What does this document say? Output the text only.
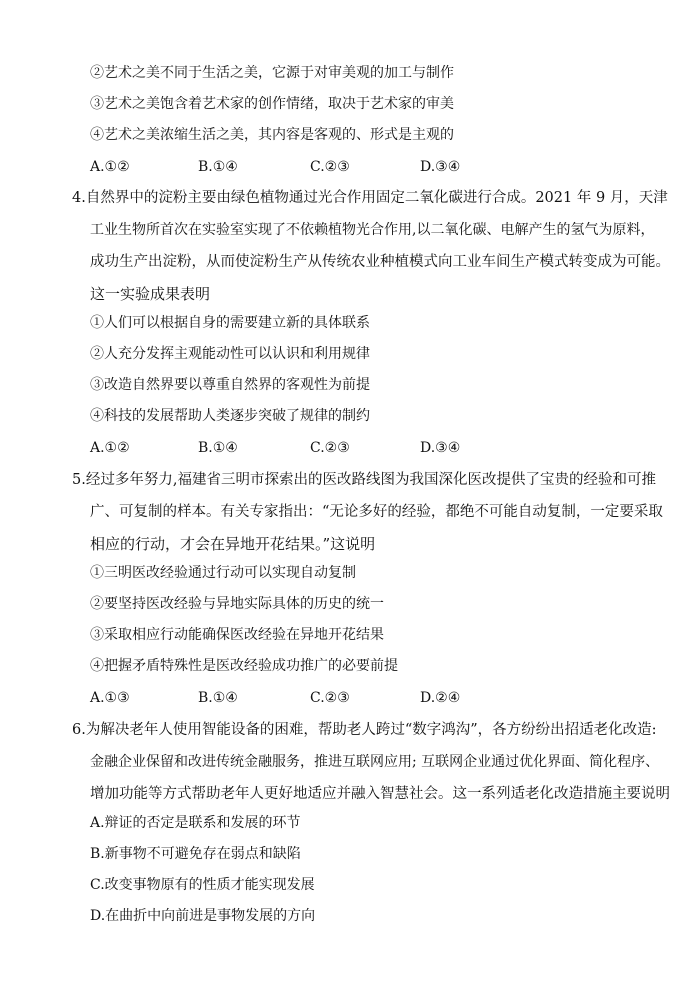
②艺术之美不同于生活之美，它源于对审美观的加工与制作
③艺术之美饱含着艺术家的创作情绪，取决于艺术家的审美
④艺术之美浓缩生活之美，其内容是客观的、形式是主观的
A.①②	B.①④	C.②③	D.③④
4.自然界中的淀粉主要由绿色植物通过光合作用固定二氧化碳进行合成。2021 年 9 月，天津
工业生物所首次在实验室实现了不依赖植物光合作用,以二氧化碳、电解产生的氢气为原料，
成功生产出淀粉，从而使淀粉生产从传统农业种植模式向工业车间生产模式转变成为可能。
这一实验成果表明
①人们可以根据自身的需要建立新的具体联系
②人充分发挥主观能动性可以认识和利用规律
③改造自然界要以尊重自然界的客观性为前提
④科技的发展帮助人类逐步突破了规律的制约
A.①②	B.①④	C.②③	D.③④
5.经过多年努力,福建省三明市探索出的医改路线图为我国深化医改提供了宝贵的经验和可推
广、可复制的样本。有关专家指出：“无论多好的经验，都绝不可能自动复制，一定要采取
相应的行动，才会在异地开花结果。”这说明
①三明医改经验通过行动可以实现自动复制
②要坚持医改经验与异地实际具体的历史的统一
③采取相应行动能确保医改经验在异地开花结果
④把握矛盾特殊性是医改经验成功推广的必要前提
A.①③	B.①④	C.②③	D.②④
6.为解决老年人使用智能设备的困难，帮助老人跨过“数字鸿沟”，各方纷纷出招适老化改造:
金融企业保留和改进传统金融服务，推进互联网应用; 互联网企业通过优化界面、简化程序、
增加功能等方式帮助老年人更好地适应并融入智慧社会。这一系列适老化改造措施主要说明
A.辩证的否定是联系和发展的环节
B.新事物不可避免存在弱点和缺陷
C.改变事物原有的性质才能实现发展
D.在曲折中向前进是事物发展的方向
